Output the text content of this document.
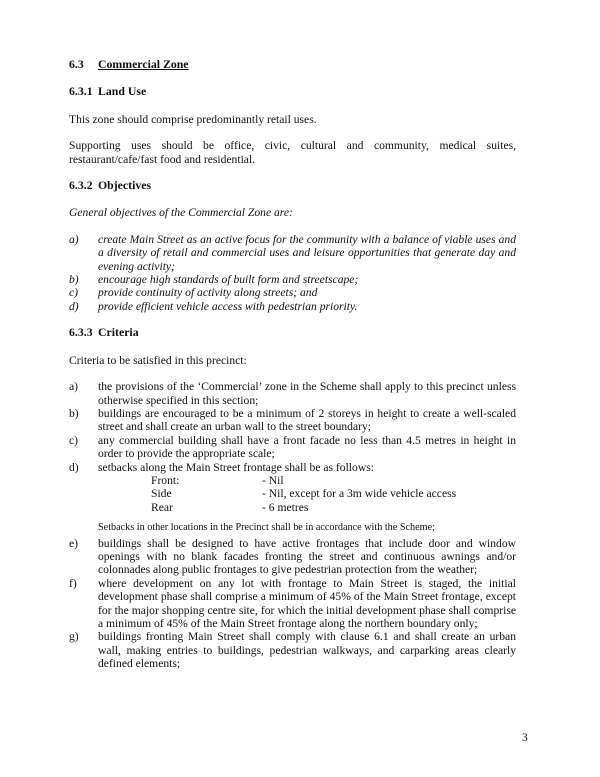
6.3 Commercial Zone
6.3.1 Land Use

This zone should comprise predominantly retail uses.

Supporting uses should be office, civic, cultural and community, medical suites, restaurant/cafe/fast food and residential.

6.3.2 Objectives

General objectives of the Commercial Zone are:

a)	create Main Street as an active focus for the community with a balance of viable uses and a diversity of retail and commercial uses and leisure opportunities that generate day and evening activity;
b)	encourage high standards of built form and streetscape;
c)	provide continuity of activity along streets; and
d)	provide efficient vehicle access with pedestrian priority.
6.3.3 Criteria

Criteria to be satisfied in this precinct:

a)	the provisions of the ‘Commercial’ zone in the Scheme shall apply to this precinct unless otherwise specified in this section;
b)	buildings are encouraged to be a minimum of 2 storeys in height to create a well-scaled street and shall create an urban wall to the street boundary;
c)	any commercial building shall have a front facade no less than 4.5 metres in height in order to provide the appropriate scale;
d)	setbacks along the Main Street frontage shall be as follows:
Front:	- Nil
Side	- Nil, except for a 3m wide vehicle access
Rear	- 6 metres
Setbacks in other locations in the Precinct shall be in accordance with the Scheme;
e)	buildings shall be designed to have active frontages that include door and window openings with no blank facades fronting the street and continuous awnings and/or colonnades along public frontages to give pedestrian protection from the weather;
f)	where development on any lot with frontage to Main Street is staged, the initial development phase shall comprise a minimum of 45% of the Main Street frontage, except for the major shopping centre site, for which the initial development phase shall comprise a minimum of 45% of the Main Street frontage along the northern boundary only;
g)	buildings fronting Main Street shall comply with clause 6.1 and shall create an urban wall, making entries to buildings, pedestrian walkways, and carparking areas clearly defined elements;
3
